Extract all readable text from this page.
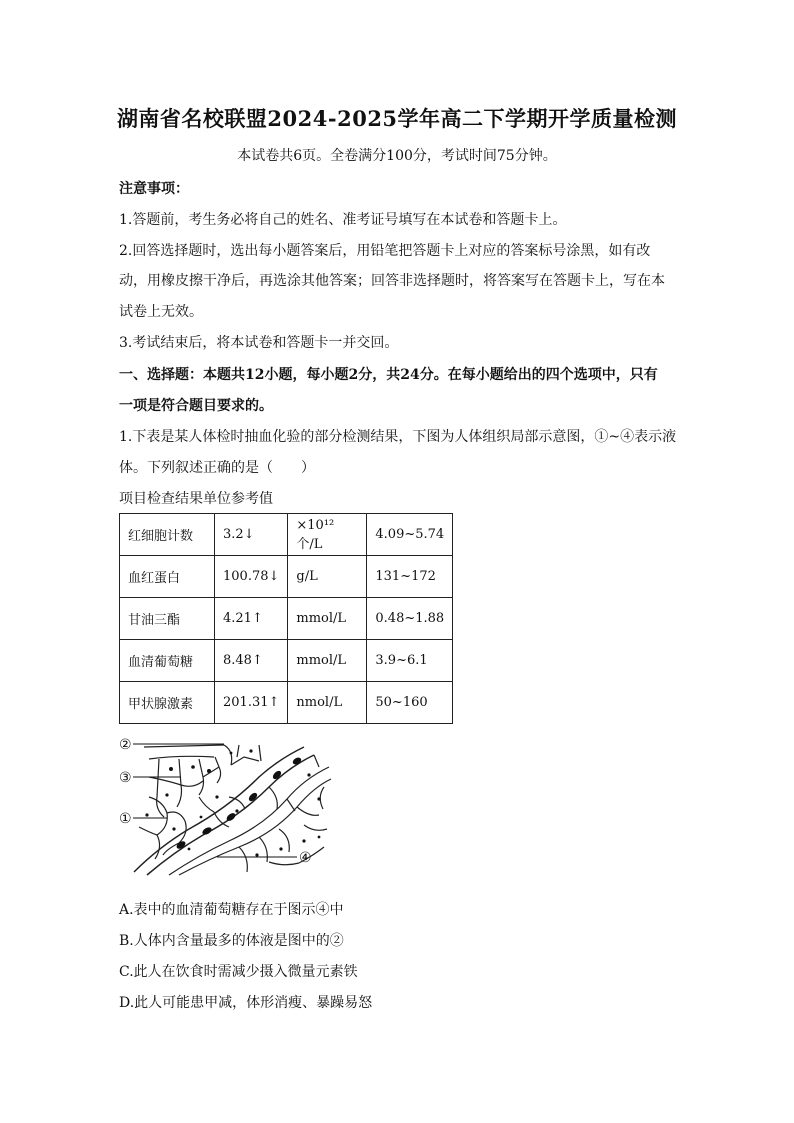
湖南省名校联盟2024-2025学年高二下学期开学质量检测
本试卷共6页。全卷满分100分，考试时间75分钟。
注意事项：
1.答题前，考生务必将自己的姓名、准考证号填写在本试卷和答题卡上。
2.回答选择题时，选出每小题答案后，用铅笔把答题卡上对应的答案标号涂黑，如有改
动，用橡皮擦干净后，再选涂其他答案；回答非选择题时，将答案写在答题卡上，写在本
试卷上无效。
3.考试结束后，将本试卷和答题卡一并交回。
一、选择题：本题共12小题，每小题2分，共24分。在每小题给出的四个选项中，只有
一项是符合题目要求的。
1.下表是某人体检时抽血化验的部分检测结果，下图为人体组织局部示意图，①~④表示液
体。下列叙述正确的是（　　）
项目检查结果单位参考值
红细胞计数	3.2↓	×10¹²个/L	4.09~5.74
血红蛋白	100.78↓	g/L	131~172
甘油三酯	4.21↑	mmol/L	0.48~1.88
血清葡萄糖	8.48↑	mmol/L	3.9~6.1
甲状腺激素	201.31↑	nmol/L	50~160
②
③
①
④
A.表中的血清葡萄糖存在于图示④中
B.人体内含量最多的体液是图中的②
C.此人在饮食时需减少摄入微量元素铁
D.此人可能患甲减，体形消瘦、暴躁易怒
